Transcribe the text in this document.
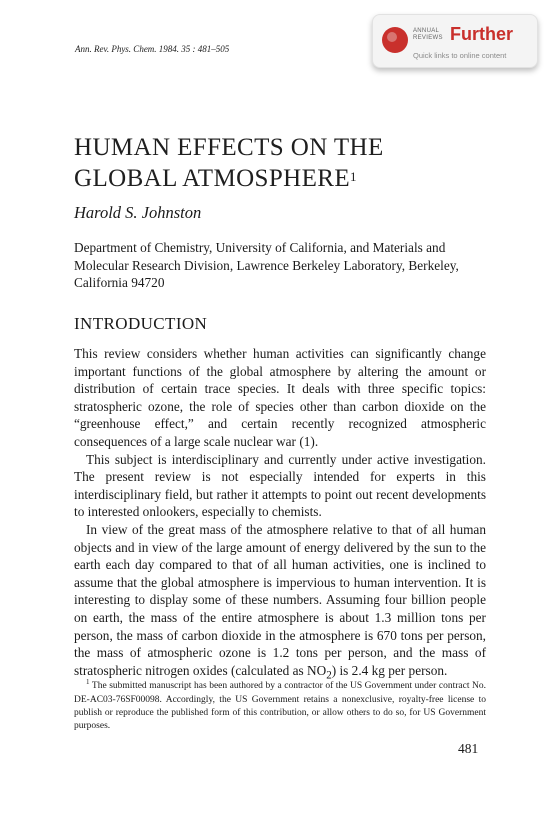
Ann. Rev. Phys. Chem. 1984. 35 : 481–505
ANNUAL REVIEWS Further
Quick links to online content
HUMAN EFFECTS ON THE
GLOBAL ATMOSPHERE$^1$
Harold S. Johnston
Department of Chemistry, University of California, and Materials and Molecular Research Division, Lawrence Berkeley Laboratory, Berkeley, California 94720
INTRODUCTION

This review considers whether human activities can significantly change important functions of the global atmosphere by altering the amount or distribution of certain trace species. It deals with three specific topics: stratospheric ozone, the role of species other than carbon dioxide on the “greenhouse effect,” and certain recently recognized atmospheric consequences of a large scale nuclear war (1).

This subject is interdisciplinary and currently under active investigation. The present review is not especially intended for experts in this interdisciplinary field, but rather it attempts to point out recent developments to interested onlookers, especially to chemists.

In view of the great mass of the atmosphere relative to that of all human objects and in view of the large amount of energy delivered by the sun to the earth each day compared to that of all human activities, one is inclined to assume that the global atmosphere is impervious to human intervention. It is interesting to display some of these numbers. Assuming four billion people on earth, the mass of the entire atmosphere is about 1.3 million tons per person, the mass of carbon dioxide in the atmosphere is 670 tons per person, the mass of atmospheric ozone is 1.2 tons per person, and the mass of stratospheric nitrogen oxides (calculated as $NO_2$) is 2.4 kg per person.

$^1$ The submitted manuscript has been authored by a contractor of the US Government under contract No. DE-AC03-76SF00098. Accordingly, the US Government retains a nonexclusive, royalty-free license to publish or reproduce the published form of this contribution, or allow others to do so, for US Government purposes.
481
